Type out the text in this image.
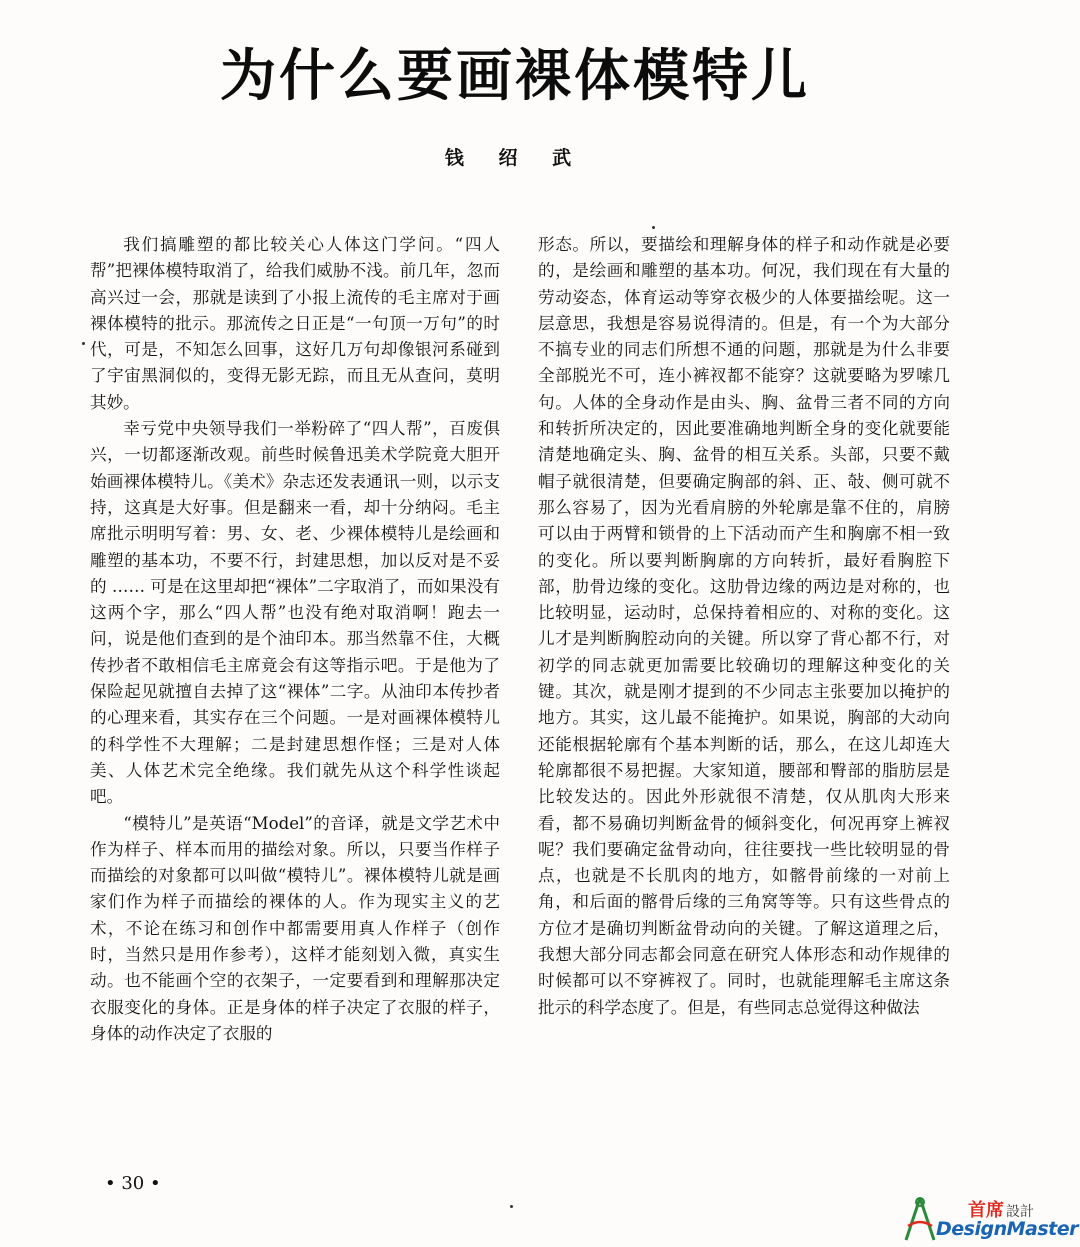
为什么要画裸体模特儿
钱 绍 武

我们搞雕塑的都比较关心人体这门学问。“四人帮”把裸体模特取消了，给我们威胁不浅。前几年，忽而高兴过一会，那就是读到了小报上流传的毛主席对于画裸体模特的批示。那流传之日正是“一句顶一万句”的时代，可是，不知怎么回事，这好几万句却像银河系碰到了宇宙黑洞似的，变得无影无踪，而且无从查问，莫明其妙。

幸亏党中央领导我们一举粉碎了“四人帮”，百废俱兴，一切都逐渐改观。前些时候鲁迅美术学院竟大胆开始画裸体模特儿。《美术》杂志还发表通讯一则，以示支持，这真是大好事。但是翻来一看，却十分纳闷。毛主席批示明明写着：男、女、老、少裸体模特儿是绘画和雕塑的基本功，不要不行，封建思想，加以反对是不妥的 …… 可是在这里却把“裸体”二字取消了，而如果没有这两个字，那么“四人帮”也没有绝对取消啊！跑去一问，说是他们查到的是个油印本。那当然靠不住，大概传抄者不敢相信毛主席竟会有这等指示吧。于是他为了保险起见就擅自去掉了这“裸体”二字。从油印本传抄者的心理来看，其实存在三个问题。一是对画裸体模特儿的科学性不大理解；二是封建思想作怪；三是对人体美、人体艺术完全绝缘。我们就先从这个科学性谈起吧。

“模特儿”是英语“Model”的音译，就是文学艺术中作为样子、样本而用的描绘对象。所以，只要当作样子而描绘的对象都可以叫做“模特儿”。裸体模特儿就是画家们作为样子而描绘的裸体的人。作为现实主义的艺术，不论在练习和创作中都需要用真人作样子（创作时，当然只是用作参考），这样才能刻划入微，真实生动。也不能画个空的衣架子，一定要看到和理解那决定衣服变化的身体。正是身体的样子决定了衣服的样子，身体的动作决定了衣服的

形态。所以，要描绘和理解身体的样子和动作就是必要的，是绘画和雕塑的基本功。何况，我们现在有大量的劳动姿态，体育运动等穿衣极少的人体要描绘呢。这一层意思，我想是容易说得清的。但是，有一个为大部分不搞专业的同志们所想不通的问题，那就是为什么非要全部脱光不可，连小裤衩都不能穿？这就要略为罗嗦几句。人体的全身动作是由头、胸、盆骨三者不同的方向和转折所决定的，因此要准确地判断全身的变化就要能清楚地确定头、胸、盆骨的相互关系。头部，只要不戴帽子就很清楚，但要确定胸部的斜、正、敧、侧可就不那么容易了，因为光看肩膀的外轮廓是靠不住的，肩膀可以由于两臂和锁骨的上下活动而产生和胸廓不相一致的变化。所以要判断胸廓的方向转折，最好看胸腔下部，肋骨边缘的变化。这肋骨边缘的两边是对称的，也比较明显，运动时，总保持着相应的、对称的变化。这儿才是判断胸腔动向的关键。所以穿了背心都不行，对初学的同志就更加需要比较确切的理解这种变化的关键。其次，就是刚才提到的不少同志主张要加以掩护的地方。其实，这儿最不能掩护。如果说，胸部的大动向还能根据轮廓有个基本判断的话，那么，在这儿却连大轮廓都很不易把握。大家知道，腰部和臀部的脂肪层是比较发达的。因此外形就很不清楚，仅从肌肉大形来看，都不易确切判断盆骨的倾斜变化，何况再穿上裤衩呢？我们要确定盆骨动向，往往要找一些比较明显的骨点，也就是不长肌肉的地方，如髂骨前缘的一对前上角，和后面的髂骨后缘的三角窝等等。只有这些骨点的方位才是确切判断盆骨动向的关键。了解这道理之后，我想大部分同志都会同意在研究人体形态和动作规律的时候都可以不穿裤衩了。同时，也就能理解毛主席这条批示的科学态度了。但是，有些同志总觉得这种做法

• 30 •
首席 設計
DesignMaster
